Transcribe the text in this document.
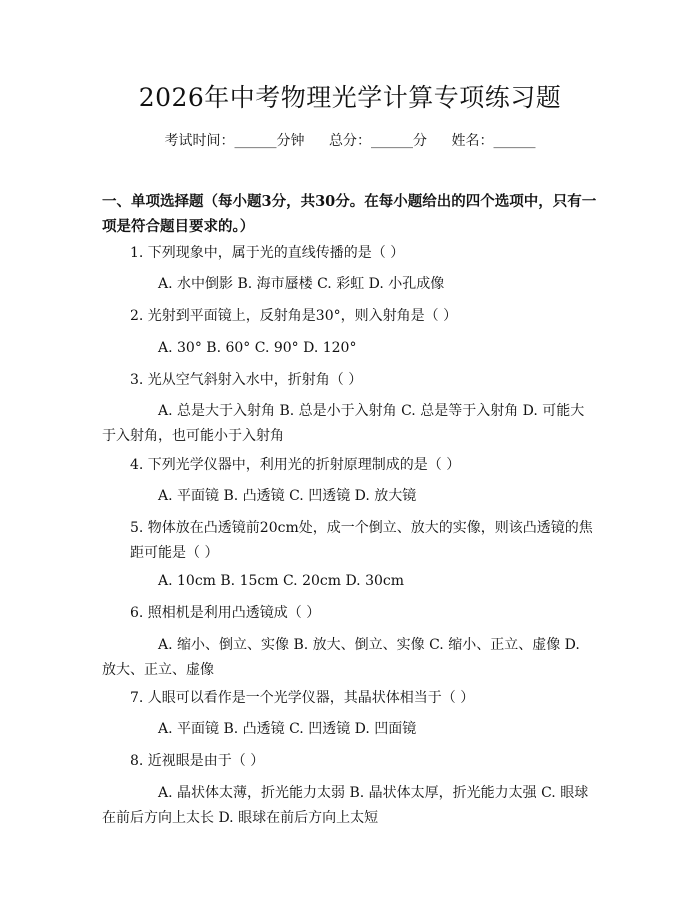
2026年中考物理光学计算专项练习题
考试时间：______分钟 总分：______分 姓名：______
一、单项选择题（每小题3分，共30分。在每小题给出的四个选项中，只有一项是符合题目要求的。）
1. 下列现象中，属于光的直线传播的是（ ）
A. 水中倒影 B. 海市蜃楼 C. 彩虹 D. 小孔成像
2. 光射到平面镜上，反射角是30°，则入射角是（ ）
A. 30° B. 60° C. 90° D. 120°
3. 光从空气斜射入水中，折射角（ ）
A. 总是大于入射角 B. 总是小于入射角 C. 总是等于入射角 D. 可能大于入射角，也可能小于入射角
4. 下列光学仪器中，利用光的折射原理制成的是（ ）
A. 平面镜 B. 凸透镜 C. 凹透镜 D. 放大镜
5. 物体放在凸透镜前20cm处，成一个倒立、放大的实像，则该凸透镜的焦距可能是（ ）
A. 10cm B. 15cm C. 20cm D. 30cm
6. 照相机是利用凸透镜成（ ）
A. 缩小、倒立、实像 B. 放大、倒立、实像 C. 缩小、正立、虚像 D. 放大、正立、虚像
7. 人眼可以看作是一个光学仪器，其晶状体相当于（ ）
A. 平面镜 B. 凸透镜 C. 凹透镜 D. 凹面镜
8. 近视眼是由于（ ）
A. 晶状体太薄，折光能力太弱 B. 晶状体太厚，折光能力太强 C. 眼球在前后方向上太长 D. 眼球在前后方向上太短
